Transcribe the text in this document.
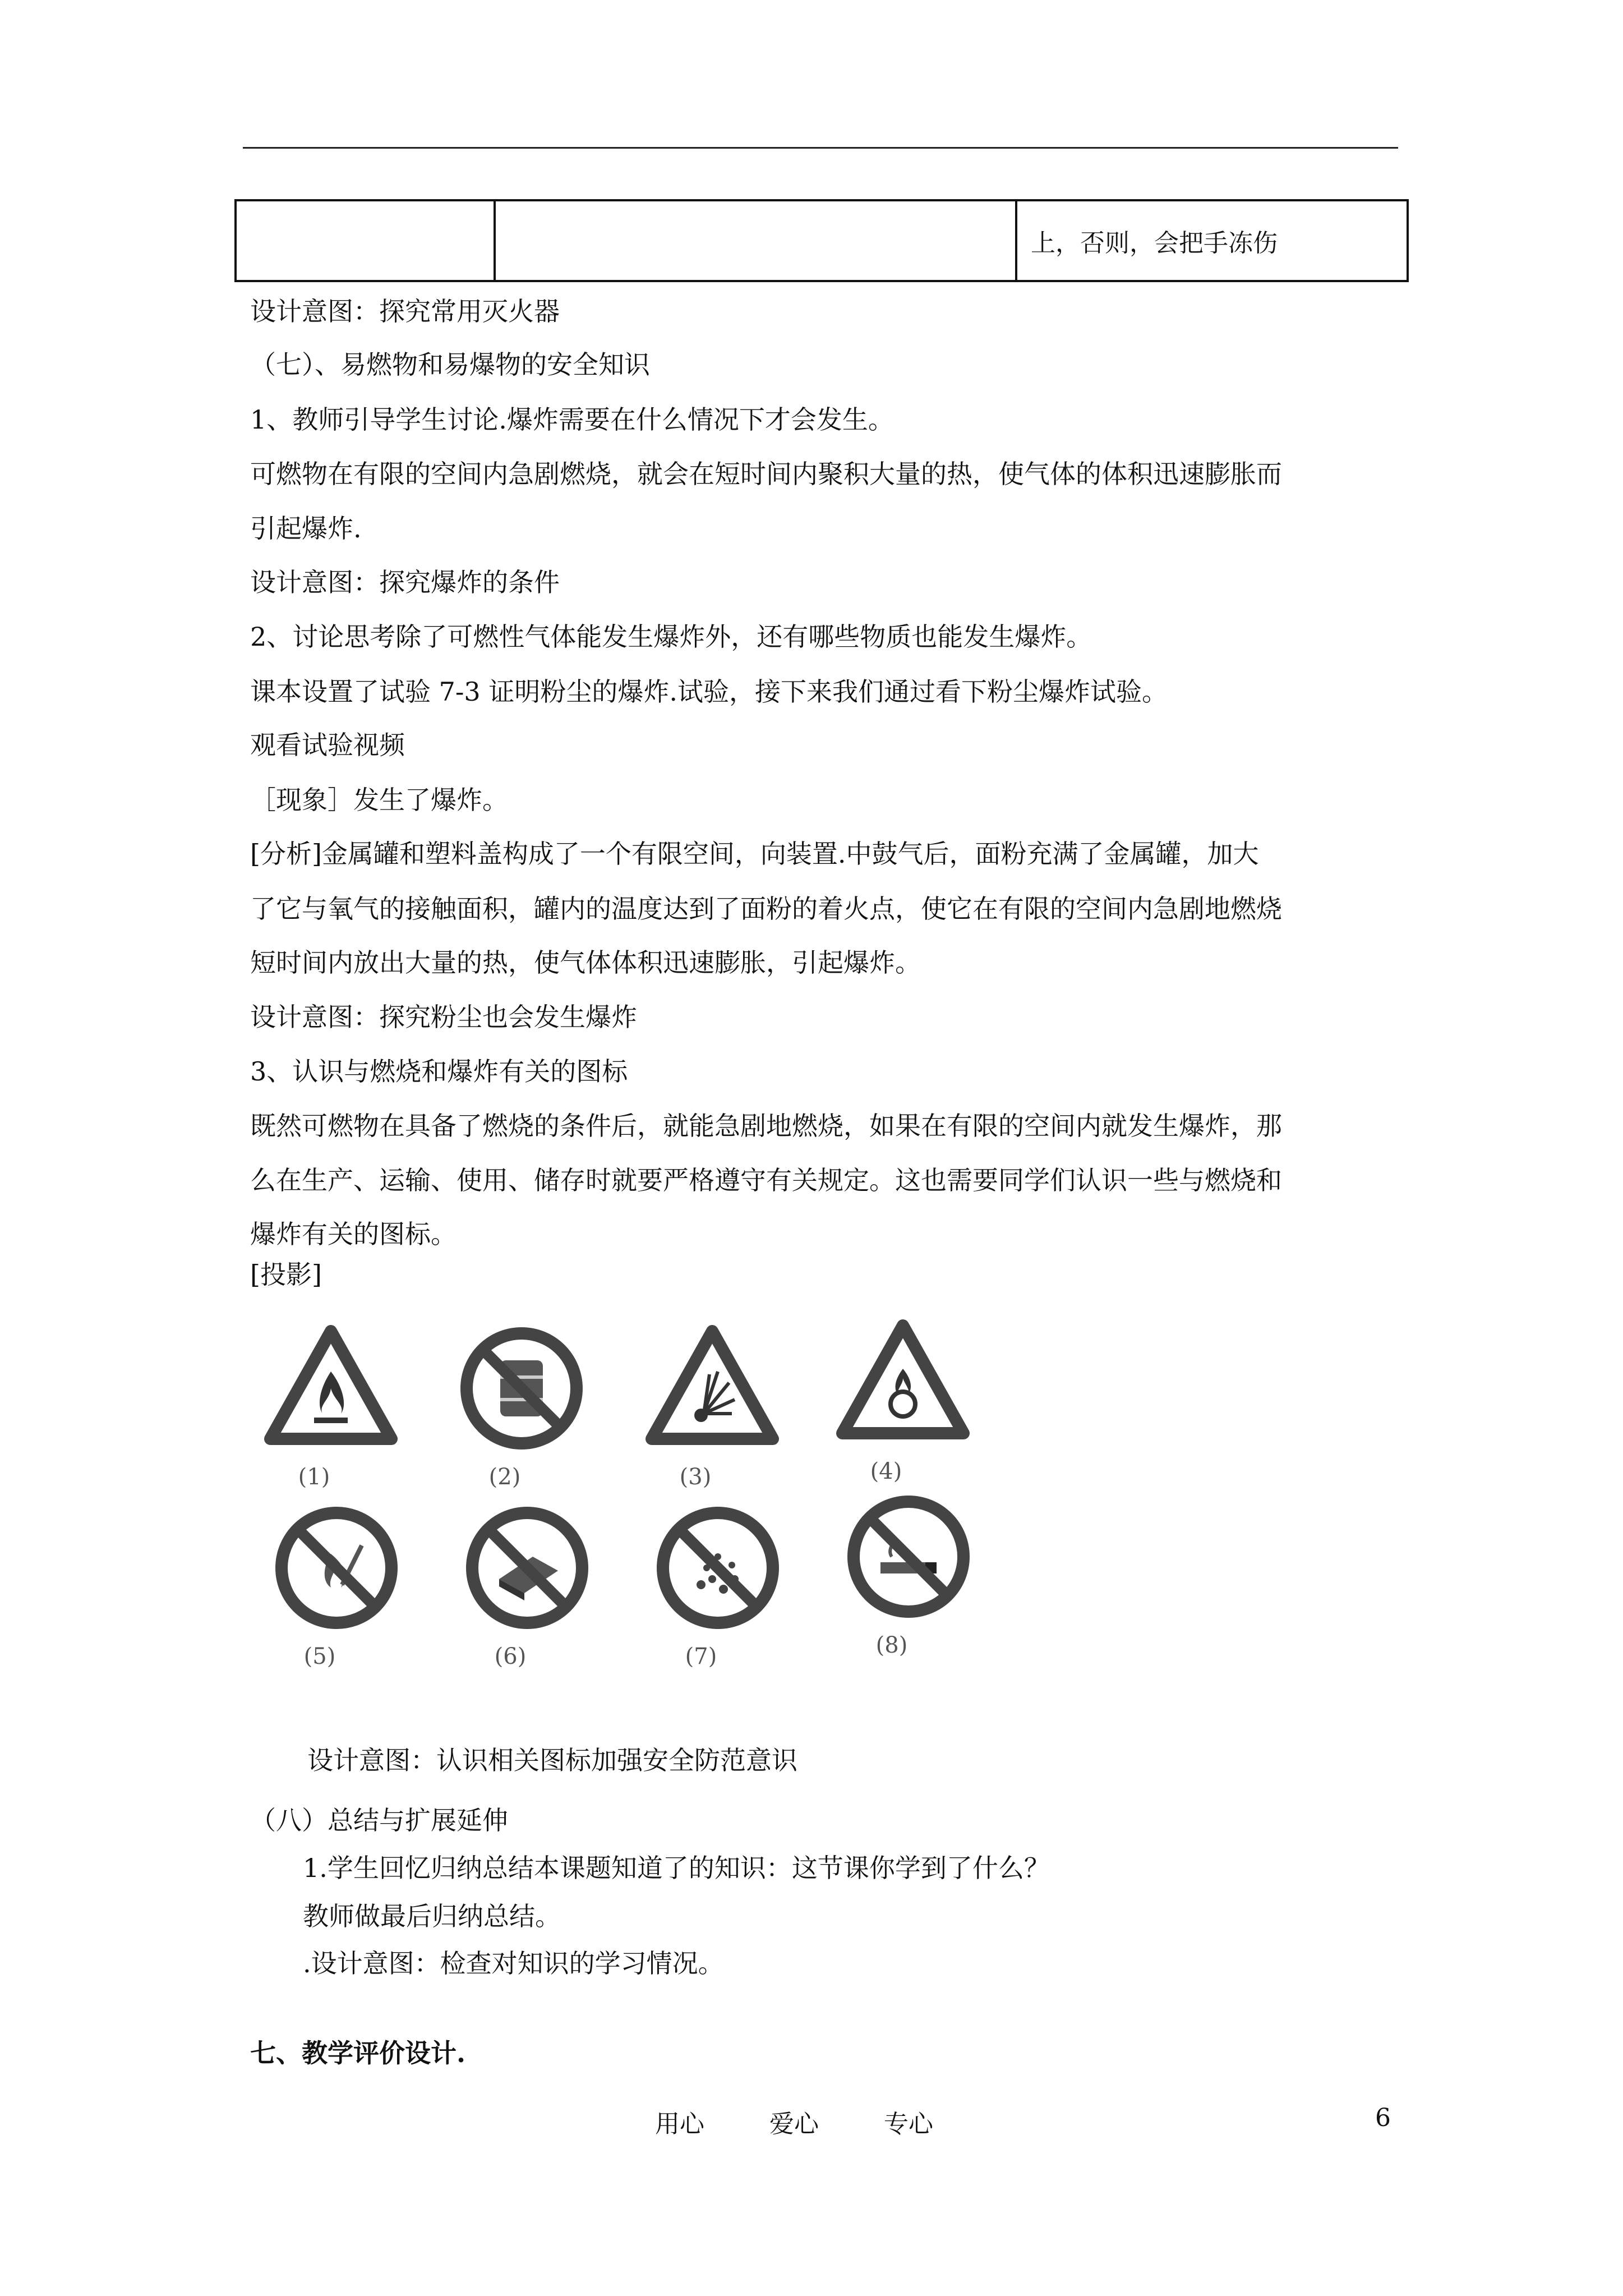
		上，否则，会把手冻伤
设计意图：探究常用灭火器
（七）、易燃物和易爆物的安全知识
1、教师引导学生讨论.爆炸需要在什么情况下才会发生。
可燃物在有限的空间内急剧燃烧，就会在短时间内聚积大量的热，使气体的体积迅速膨胀而
引起爆炸.
设计意图：探究爆炸的条件
2、讨论思考除了可燃性气体能发生爆炸外，还有哪些物质也能发生爆炸。
课本设置了试验 7-3 证明粉尘的爆炸.试验，接下来我们通过看下粉尘爆炸试验。
观看试验视频
［现象］发生了爆炸。
[分析]金属罐和塑料盖构成了一个有限空间，向装置.中鼓气后，面粉充满了金属罐，加大
了它与氧气的接触面积，罐内的温度达到了面粉的着火点，使它在有限的空间内急剧地燃烧
短时间内放出大量的热，使气体体积迅速膨胀，引起爆炸。
设计意图：探究粉尘也会发生爆炸
3、认识与燃烧和爆炸有关的图标
既然可燃物在具备了燃烧的条件后，就能急剧地燃烧，如果在有限的空间内就发生爆炸，那
么在生产、运输、使用、储存时就要严格遵守有关规定。这也需要同学们认识一些与燃烧和
爆炸有关的图标。
[投影]
(1)	(2)	(3)	(4)
(5)	(6)	(7)	(8)
设计意图：认识相关图标加强安全防范意识
（八）总结与扩展延伸
1.学生回忆归纳总结本课题知道了的知识：这节课你学到了什么？
教师做最后归纳总结。
.设计意图：检查对知识的学习情况。
七、教学评价设计.
用心	爱心	专心	6
